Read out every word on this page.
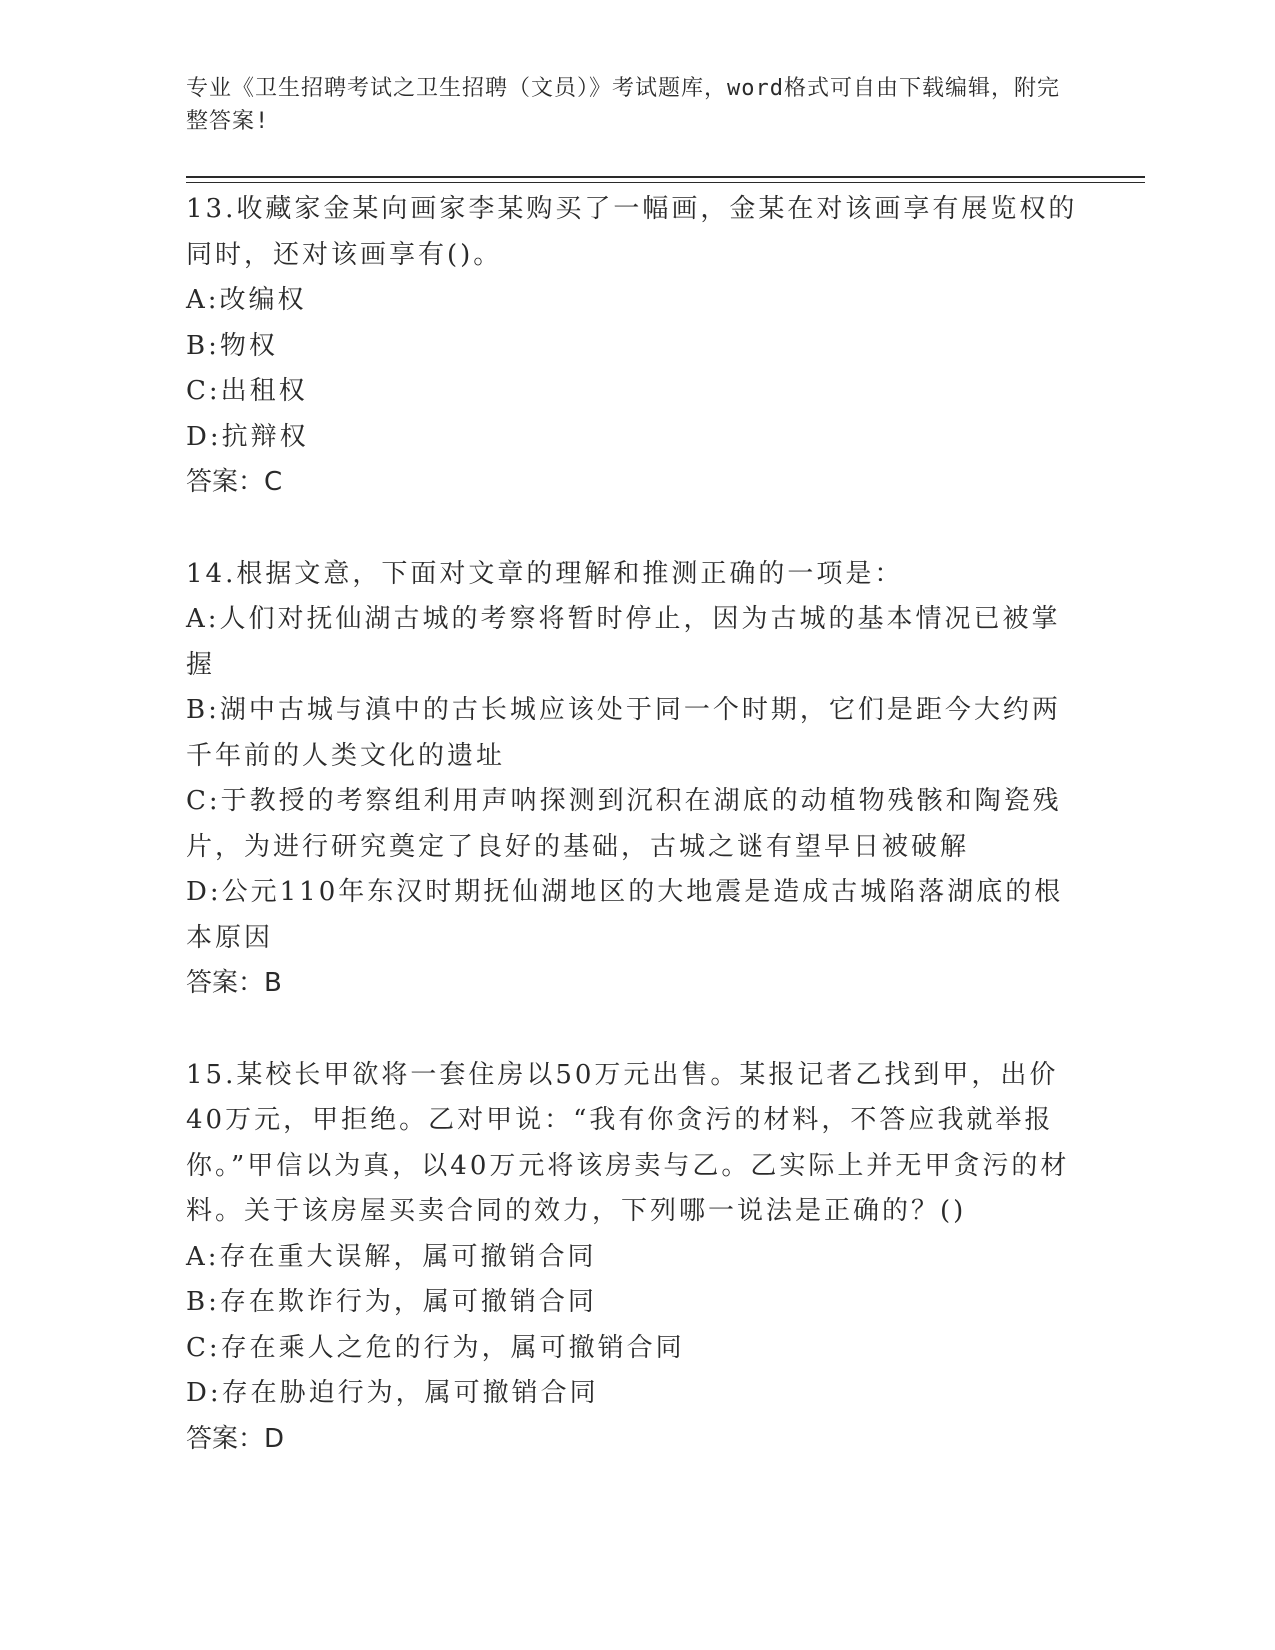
专业《卫生招聘考试之卫生招聘（文员）》考试题库，word格式可自由下载编辑，附完整答案!

13.收藏家金某向画家李某购买了一幅画，金某在对该画享有展览权的同时，还对该画享有()。

A:改编权

B:物权

C:出租权

D:抗辩权

答案：C

14.根据文意，下面对文章的理解和推测正确的一项是：

A:人们对抚仙湖古城的考察将暂时停止，因为古城的基本情况已被掌握

B:湖中古城与滇中的古长城应该处于同一个时期，它们是距今大约两千年前的人类文化的遗址

C:于教授的考察组利用声呐探测到沉积在湖底的动植物残骸和陶瓷残片，为进行研究奠定了良好的基础，古城之谜有望早日被破解

D:公元110年东汉时期抚仙湖地区的大地震是造成古城陷落湖底的根本原因

答案：B

15.某校长甲欲将一套住房以50万元出售。某报记者乙找到甲，出价40万元，甲拒绝。乙对甲说：“我有你贪污的材料，不答应我就举报你。”甲信以为真，以40万元将该房卖与乙。乙实际上并无甲贪污的材料。关于该房屋买卖合同的效力，下列哪一说法是正确的？()

A:存在重大误解，属可撤销合同

B:存在欺诈行为，属可撤销合同

C:存在乘人之危的行为，属可撤销合同

D:存在胁迫行为，属可撤销合同

答案：D
